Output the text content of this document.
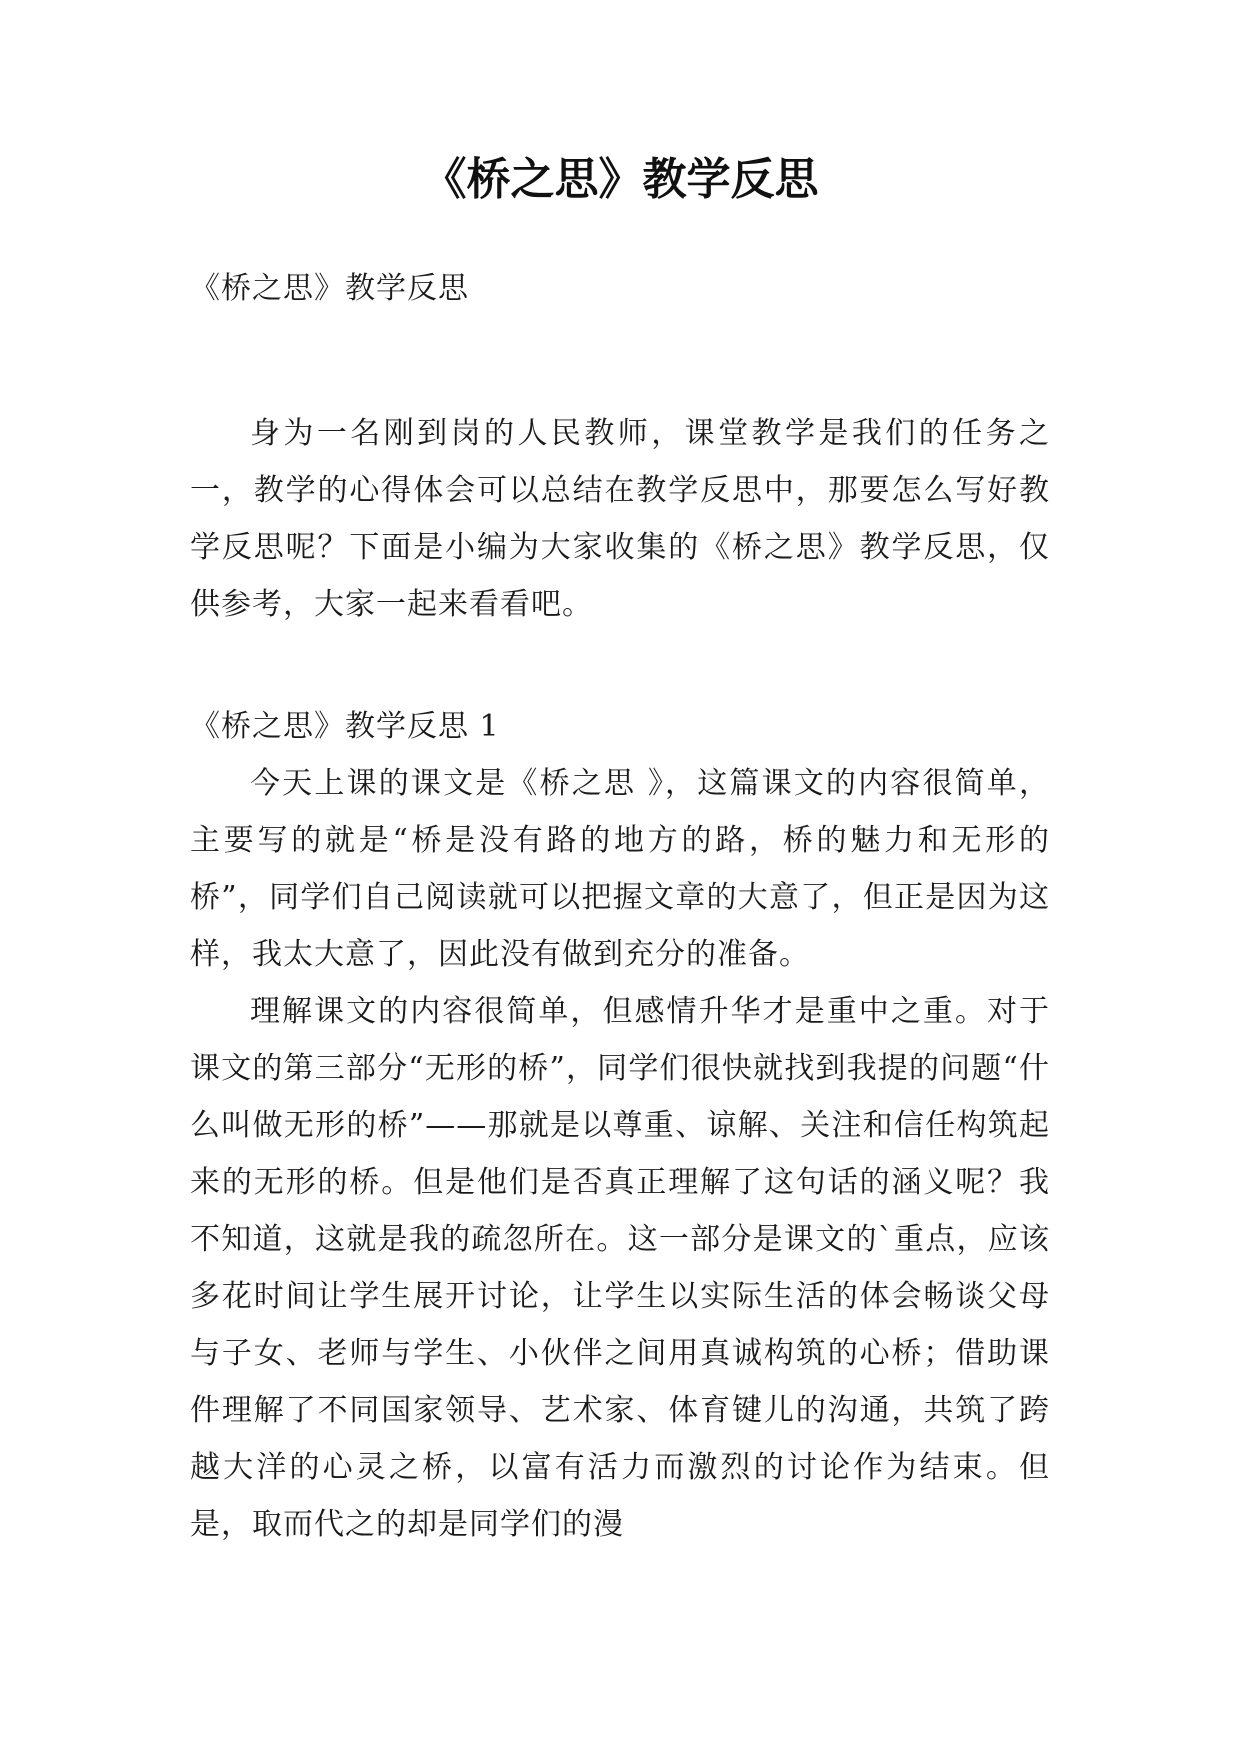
《桥之思》教学反思
《桥之思》教学反思

身为一名刚到岗的人民教师，课堂教学是我们的任务之一，教学的心得体会可以总结在教学反思中，那要怎么写好教学反思呢？下面是小编为大家收集的《桥之思》教学反思，仅供参考，大家一起来看看吧。

《桥之思》教学反思 1

今天上课的课文是《桥之思 》，这篇课文的内容很简单，主要写的就是“桥是没有路的地方的路，桥的魅力和无形的桥”，同学们自己阅读就可以把握文章的大意了，但正是因为这样，我太大意了，因此没有做到充分的准备。

理解课文的内容很简单，但感情升华才是重中之重。对于课文的第三部分“无形的桥”，同学们很快就找到我提的问题“什么叫做无形的桥”——那就是以尊重、谅解、关注和信任构筑起来的无形的桥。但是他们是否真正理解了这句话的涵义呢？我不知道，这就是我的疏忽所在。这一部分是课文的`重点，应该多花时间让学生展开讨论，让学生以实际生活的体会畅谈父母与子女、老师与学生、小伙伴之间用真诚构筑的心桥；借助课件理解了不同国家领导、艺术家、体育键儿的沟通，共筑了跨越大洋的心灵之桥，以富有活力而激烈的讨论作为结束。但是，取而代之的却是同学们的漫
